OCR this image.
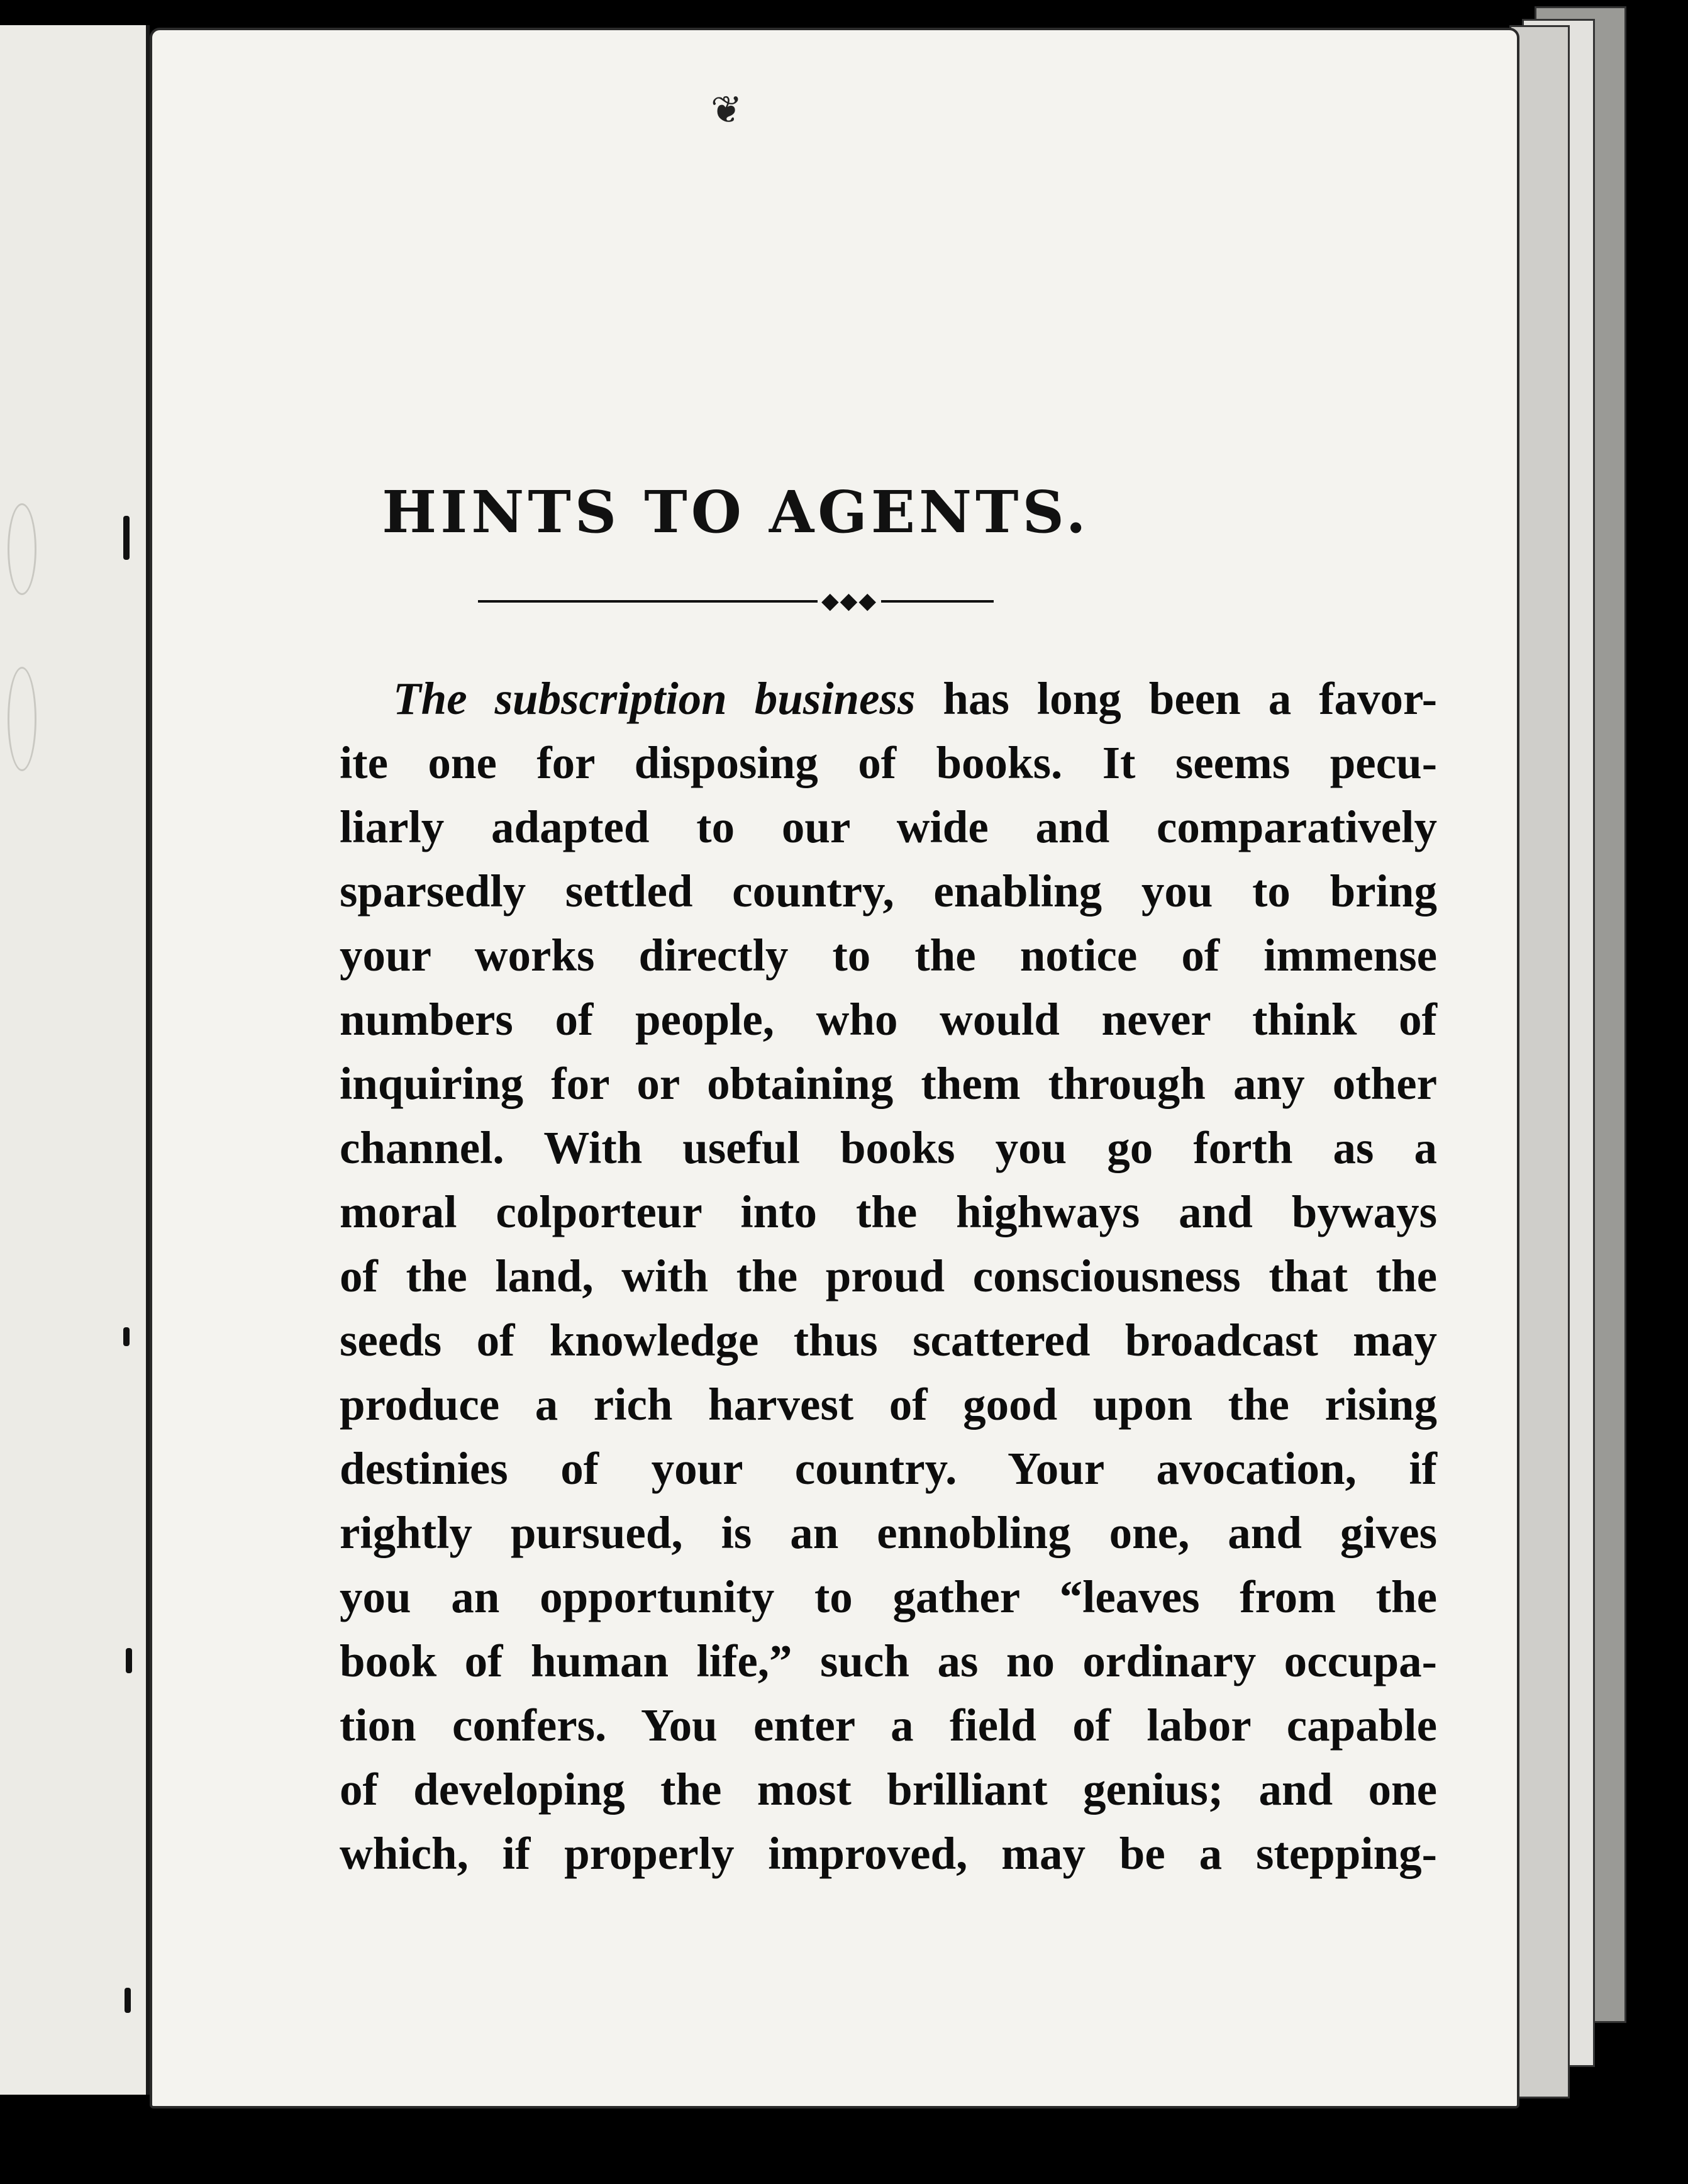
❦
HINTS TO AGENTS.
◆◆◆
The subscription business has long been a favor-
ite one for disposing of books. It seems pecu-
liarly adapted to our wide and comparatively
sparsedly settled country, enabling you to bring
your works directly to the notice of immense
numbers of people, who would never think of
inquiring for or obtaining them through any other
channel. With useful books you go forth as a
moral colporteur into the highways and byways
of the land, with the proud consciousness that the
seeds of knowledge thus scattered broadcast may
produce a rich harvest of good upon the rising
destinies of your country. Your avocation, if
rightly pursued, is an ennobling one, and gives
you an opportunity to gather “leaves from the
book of human life,” such as no ordinary occupa-
tion confers. You enter a field of labor capable
of developing the most brilliant genius; and one
which, if properly improved, may be a stepping-
